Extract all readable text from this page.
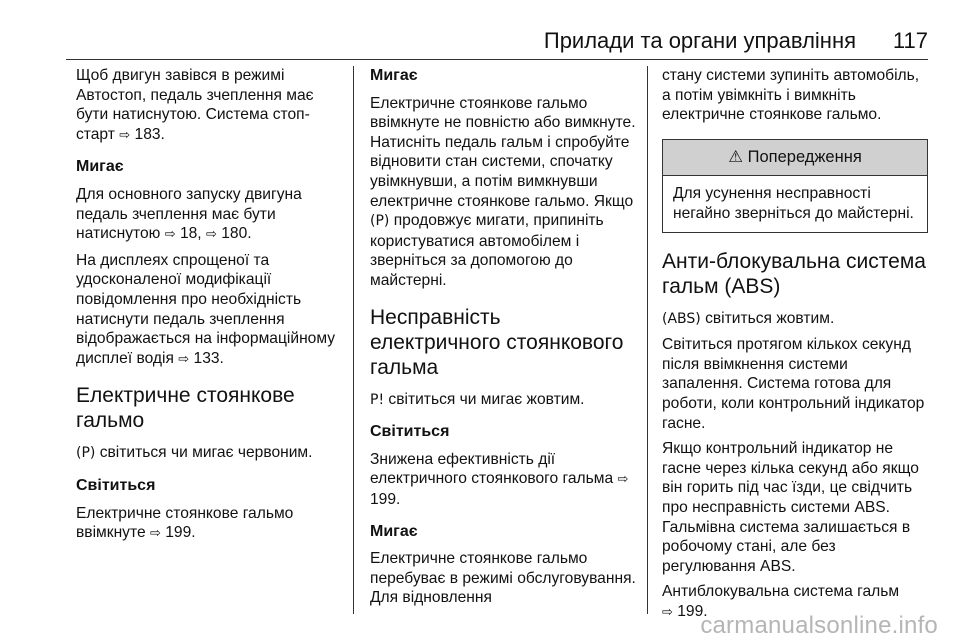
Прилади та органи управління 117

Щоб двигун завівся в режимі Автостоп, педаль зчеплення має бути натиснутою. Система стоп-старт ⇨ 183.

Мигає

Для основного запуску двигуна педаль зчеплення має бути натиснутою ⇨ 18, ⇨ 180.

На дисплеях спрощеної та удосконаленої модифікації повідомлення про необхідність натиснути педаль зчеплення відображається на інформаційному дисплеї водія ⇨ 133.

Електричне стоянкове гальмо

(P) світиться чи мигає червоним.

Світиться

Електричне стоянкове гальмо ввімкнуте ⇨ 199.

Мигає

Електричне стоянкове гальмо ввімкнуте не повністю або вимкнуте. Натисніть педаль гальм і спробуйте відновити стан системи, спочатку увімкнувши, а потім вимкнувши електричне стоянкове гальмо. Якщо (P) продовжує мигати, припиніть користуватися автомобілем і зверніться за допомогою до майстерні.

Несправність електричного стоянкового гальма

P! світиться чи мигає жовтим.

Світиться

Знижена ефективність дії електричного стоянкового гальма ⇨ 199.

Мигає

Електричне стоянкове гальмо перебуває в режимі обслуговування. Для відновлення

стану системи зупиніть автомобіль, а потім увімкніть і вимкніть електричне стоянкове гальмо.

⚠ Попередження
Для усунення несправності негайно зверніться до майстерні.
Анти-блокувальна система гальм (ABS)

(ABS) світиться жовтим.

Світиться протягом кількох секунд після ввімкнення системи запалення. Система готова для роботи, коли контрольний індикатор гасне.

Якщо контрольний індикатор не гасне через кілька секунд або якщо він горить під час їзди, це свідчить про несправність системи ABS. Гальмівна система залишається в робочому стані, але без регулювання ABS.

Антиблокувальна система гальм
⇨ 199.

carmanualsonline.info
